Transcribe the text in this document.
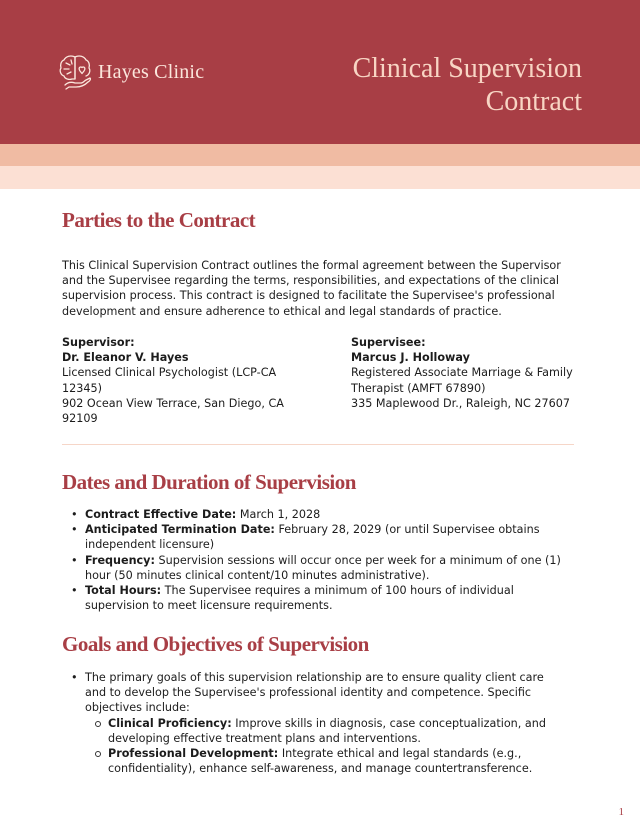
Hayes Clinic	Clinical Supervision
Contract
Parties to the Contract

This Clinical Supervision Contract outlines the formal agreement between the Supervisor and the Supervisee regarding the terms, responsibilities, and expectations of the clinical supervision process. This contract is designed to facilitate the Supervisee's professional development and ensure adherence to ethical and legal standards of practice.

Supervisor:
Dr. Eleanor V. Hayes
Licensed Clinical Psychologist (LCP-CA 12345)
902 Ocean View Terrace, San Diego, CA 92109
Supervisee:
Marcus J. Holloway
Registered Associate Marriage & Family Therapist (AMFT 67890)
335 Maplewood Dr., Raleigh, NC 27607
Dates and Duration of Supervision
• Contract Effective Date: March 1, 2028
• Anticipated Termination Date: February 28, 2029 (or until Supervisee obtains independent licensure)
• Frequency: Supervision sessions will occur once per week for a minimum of one (1) hour (50 minutes clinical content/10 minutes administrative).
• Total Hours: The Supervisee requires a minimum of 100 hours of individual supervision to meet licensure requirements.
Goals and Objectives of Supervision
• The primary goals of this supervision relationship are to ensure quality client care and to develop the Supervisee's professional identity and competence. Specific objectives include:
Clinical Proficiency: Improve skills in diagnosis, case conceptualization, and developing effective treatment plans and interventions.
Professional Development: Integrate ethical and legal standards (e.g., confidentiality), enhance self-awareness, and manage countertransference.
1
